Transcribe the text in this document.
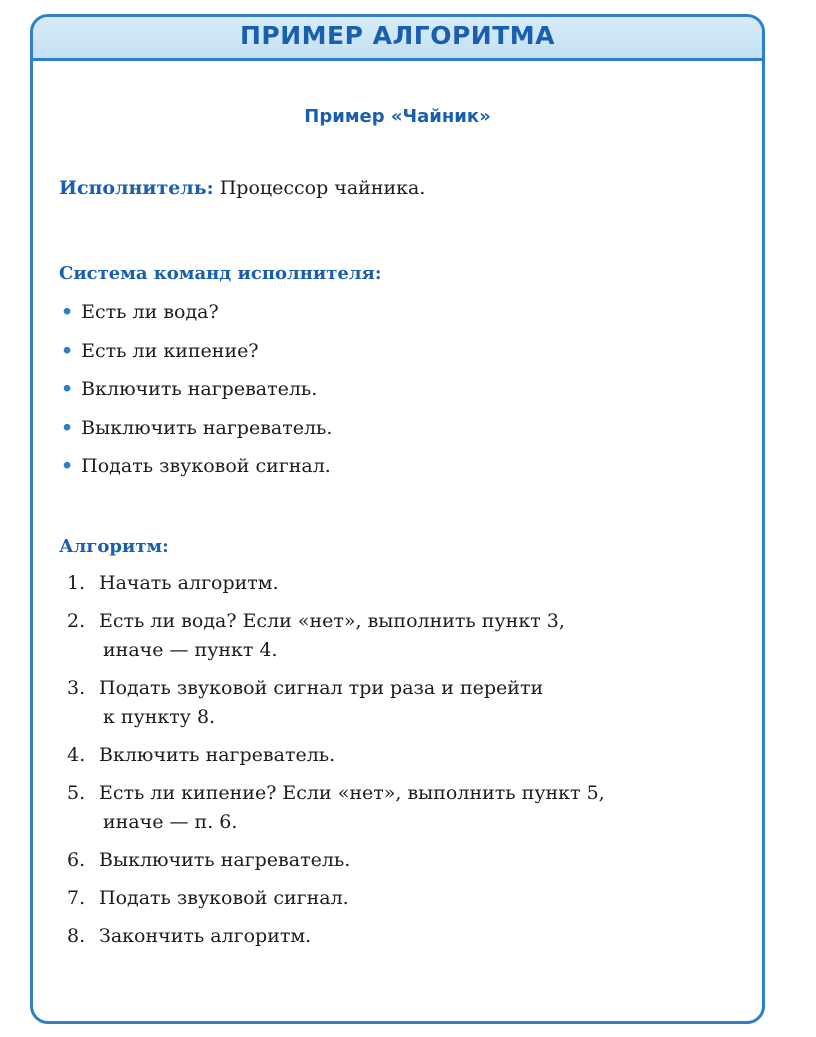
ПРИМЕР АЛГОРИТМА
Пример «Чайник»
Исполнитель: Процессор чайника.
Система команд исполнителя:
• Есть ли вода?
• Есть ли кипение?
• Включить нагреватель.
• Выключить нагреватель.
• Подать звуковой сигнал.
Алгоритм:
1. Начать алгоритм.
2. Есть ли вода? Если «нет», выполнить пункт 3,
иначе — пункт 4.
3. Подать звуковой сигнал три раза и перейти
к пункту 8.
4. Включить нагреватель.
5. Есть ли кипение? Если «нет», выполнить пункт 5,
иначе — п. 6.
6. Выключить нагреватель.
7. Подать звуковой сигнал.
8. Закончить алгоритм.
